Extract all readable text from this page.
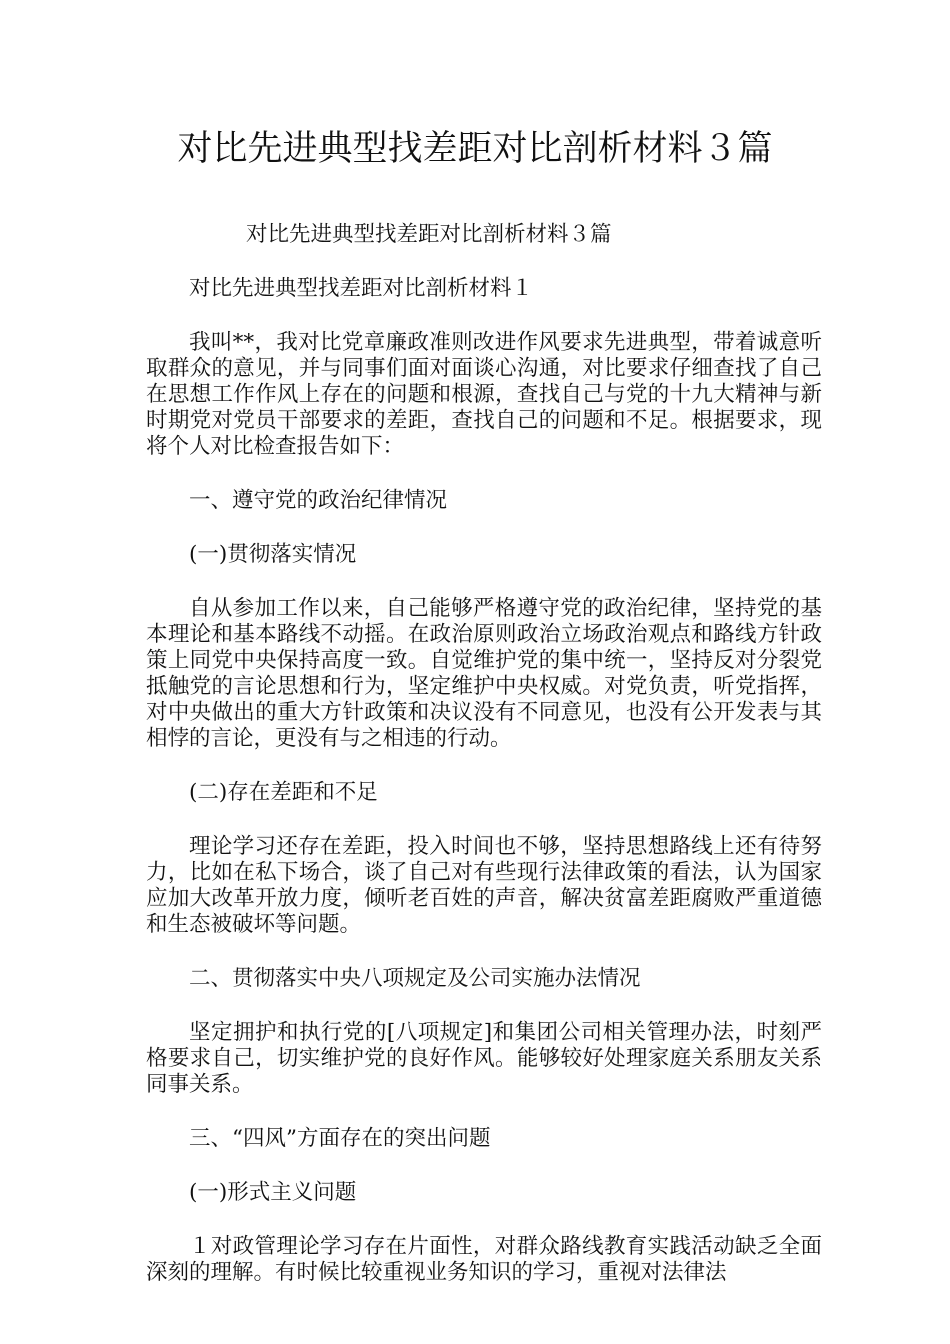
对比先进典型找差距对比剖析材料３篇

对比先进典型找差距对比剖析材料３篇

对比先进典型找差距对比剖析材料１

我叫**，我对比党章廉政准则改进作风要求先进典型，带着诚意听取群众的意见，并与同事们面对面谈心沟通，对比要求仔细查找了自己在思想工作作风上存在的问题和根源，查找自己与党的十九大精神与新时期党对党员干部要求的差距，查找自己的问题和不足。根据要求，现将个人对比检查报告如下：

一、遵守党的政治纪律情况

(一)贯彻落实情况

自从参加工作以来，自己能够严格遵守党的政治纪律，坚持党的基本理论和基本路线不动摇。在政治原则政治立场政治观点和路线方针政策上同党中央保持高度一致。自觉维护党的集中统一，坚持反对分裂党抵触党的言论思想和行为，坚定维护中央权威。对党负责，听党指挥，对中央做出的重大方针政策和决议没有不同意见，也没有公开发表与其相悖的言论，更没有与之相违的行动。

(二)存在差距和不足

理论学习还存在差距，投入时间也不够，坚持思想路线上还有待努力，比如在私下场合，谈了自己对有些现行法律政策的看法，认为国家应加大改革开放力度，倾听老百姓的声音，解决贫富差距腐败严重道德和生态被破坏等问题。

二、贯彻落实中央八项规定及公司实施办法情况

坚定拥护和执行党的[八项规定]和集团公司相关管理办法，时刻严格要求自己，切实维护党的良好作风。能够较好处理家庭关系朋友关系同事关系。

三、“四风”方面存在的突出问题

(一)形式主义问题

１对政管理论学习存在片面性，对群众路线教育实践活动缺乏全面深刻的理解。有时候比较重视业务知识的学习，重视对法律法
